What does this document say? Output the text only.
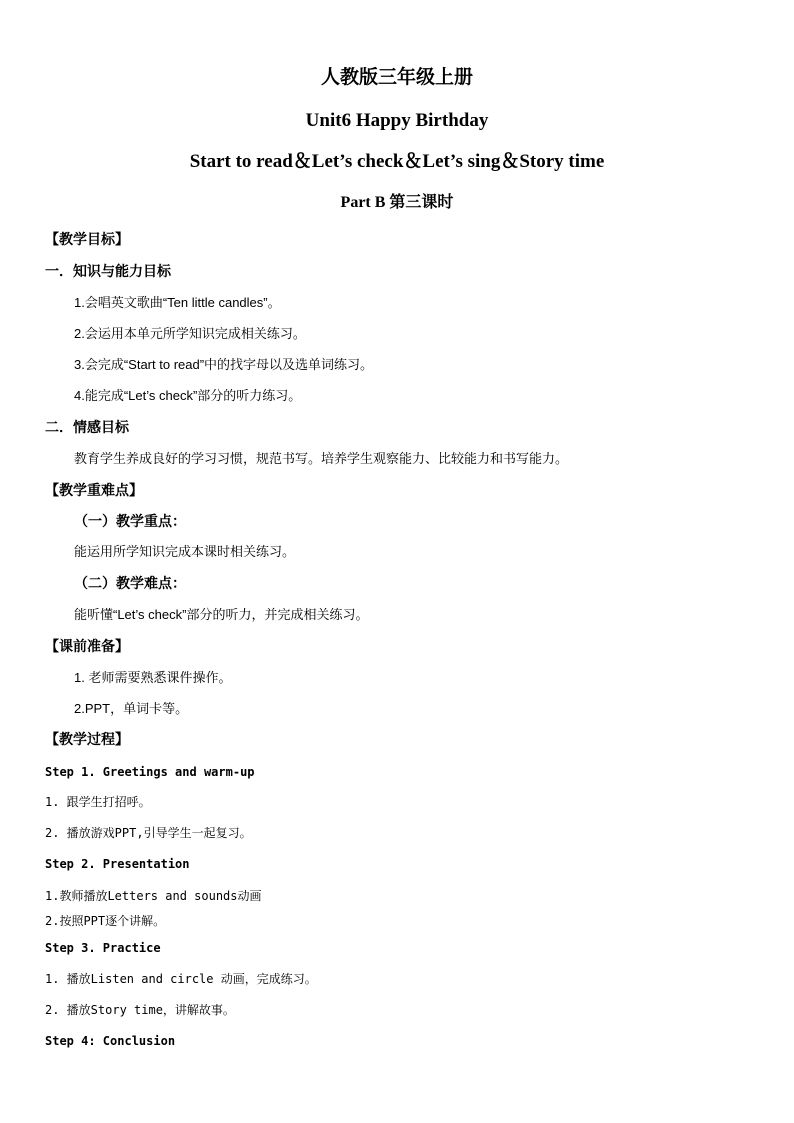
人教版三年级上册
Unit6 Happy Birthday
Start to read＆Let’s check＆Let’s sing＆Story time
Part B 第三课时
【教学目标】
一．知识与能力目标
1.会唱英文歌曲“Ten little candles”。
2.会运用本单元所学知识完成相关练习。
3.会完成“Start to read”中的找字母以及选单词练习。
4.能完成“Let’s check”部分的听力练习。
二．情感目标
教育学生养成良好的学习习惯，规范书写。培养学生观察能力、比较能力和书写能力。
【教学重难点】
（一）教学重点：
能运用所学知识完成本课时相关练习。
（二）教学难点：
能听懂“Let’s check”部分的听力，并完成相关练习。
【课前准备】
1. 老师需要熟悉课件操作。
2.PPT，单词卡等。
【教学过程】
Step 1. Greetings and warm-up
1. 跟学生打招呼。
2. 播放游戏PPT,引导学生一起复习。
Step 2. Presentation
1.教师播放Letters and sounds动画
2.按照PPT逐个讲解。
Step 3. Practice
1. 播放Listen and circle 动画，完成练习。
2. 播放Story time，讲解故事。
Step 4: Conclusion
